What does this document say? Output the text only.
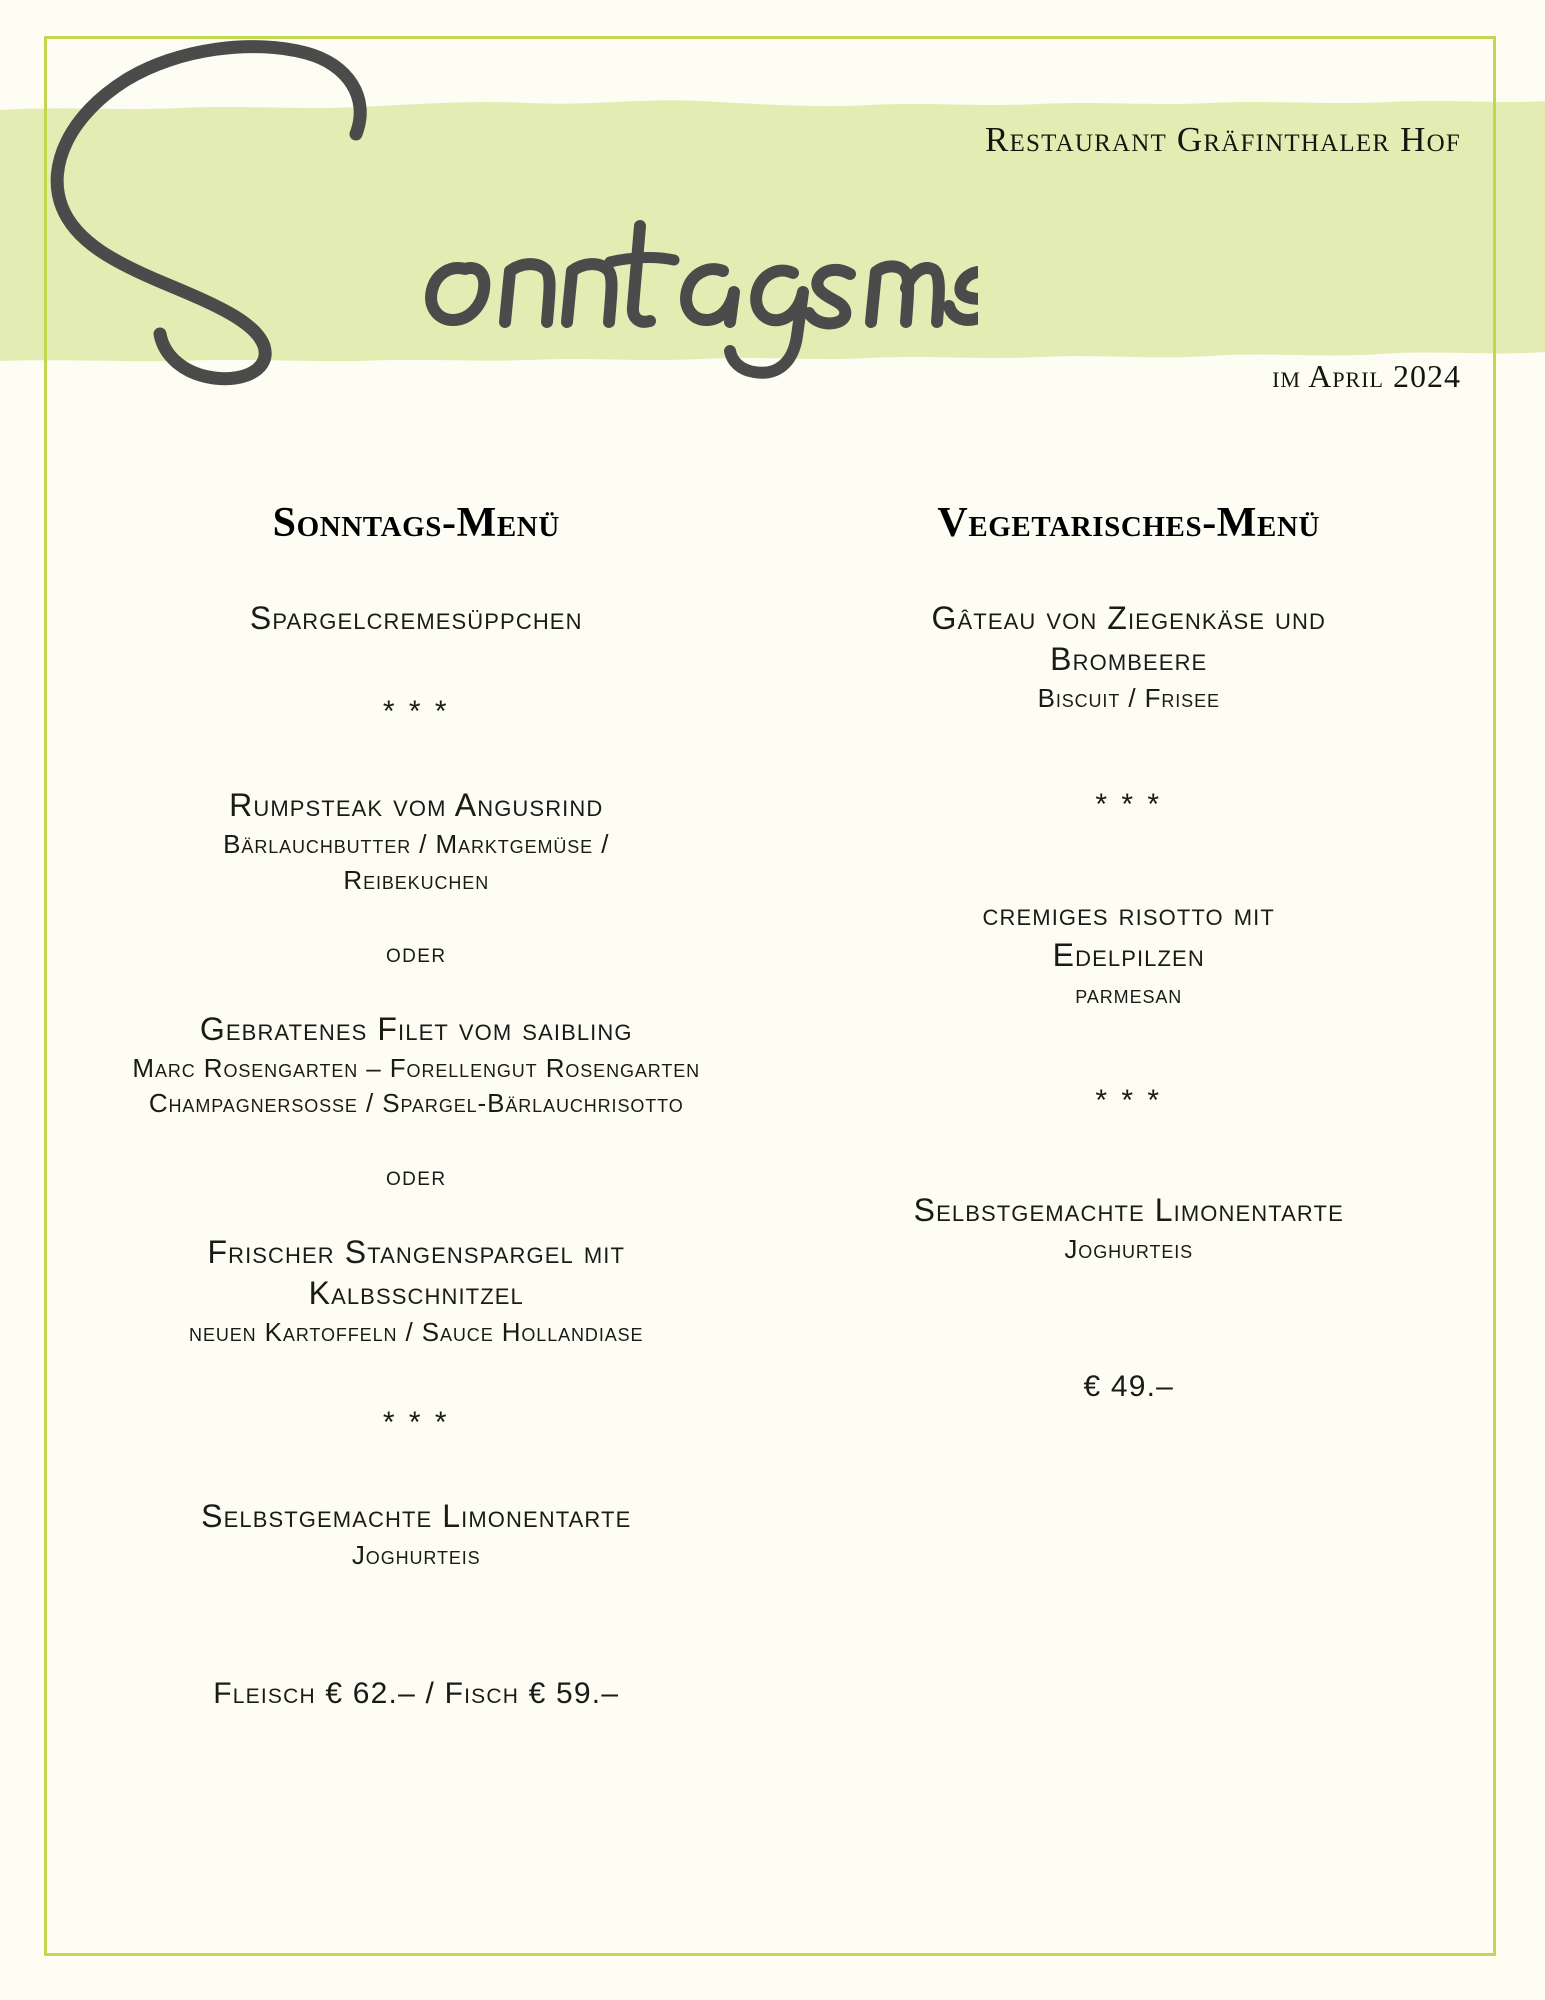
Restaurant Gräfinthaler Hof
im April 2024
Sonntags-Menü

Spargelcremesüppchen

* * *

Rumpsteak vom Angusrind

Bärlauchbutter / Marktgemüse /

Reibekuchen

oder

Gebratenes Filet vom saibling

Marc Rosengarten – Forellengut Rosengarten

Champagnersosse / Spargel-Bärlauchrisotto

oder

Frischer Stangenspargel mit

Kalbsschnitzel

neuen Kartoffeln / Sauce Hollandiase

* * *

Selbstgemachte Limonentarte

Joghurteis

Fleisch € 62.– / Fisch € 59.–

Vegetarisches-Menü

Gâteau von Ziegenkäse und

Brombeere

Biscuit / Frisee

* * *

cremiges risotto mit

Edelpilzen

parmesan

* * *

Selbstgemachte Limonentarte

Joghurteis

€ 49.–
